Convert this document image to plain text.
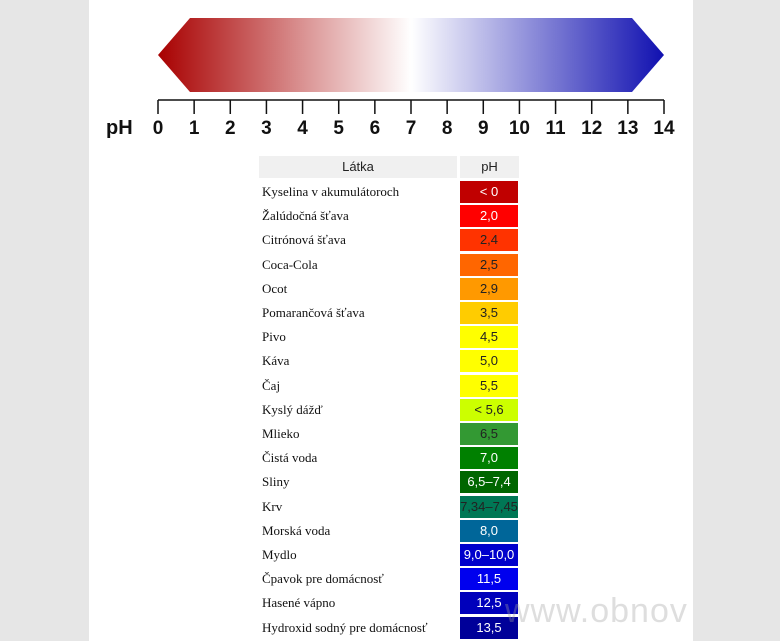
pH 0 1 2 3 4 5 6 7 8 9 10 11 12 13 14
Látka	pH
Kyselina v akumulátoroch	< 0
Žalúdočná šťava	2,0
Citrónová šťava	2,4
Coca-Cola	2,5
Ocot	2,9
Pomarančová šťava	3,5
Pivo	4,5
Káva	5,0
Čaj	5,5
Kyslý dážď	< 5,6
Mlieko	6,5
Čistá voda	7,0
Sliny	6,5–7,4
Krv	7,34–7,45
Morská voda	8,0
Mydlo	9,0–10,0
Čpavok pre domácnosť	11,5
Hasené vápno	12,5
Hydroxid sodný pre domácnosť	13,5 www.obnov
